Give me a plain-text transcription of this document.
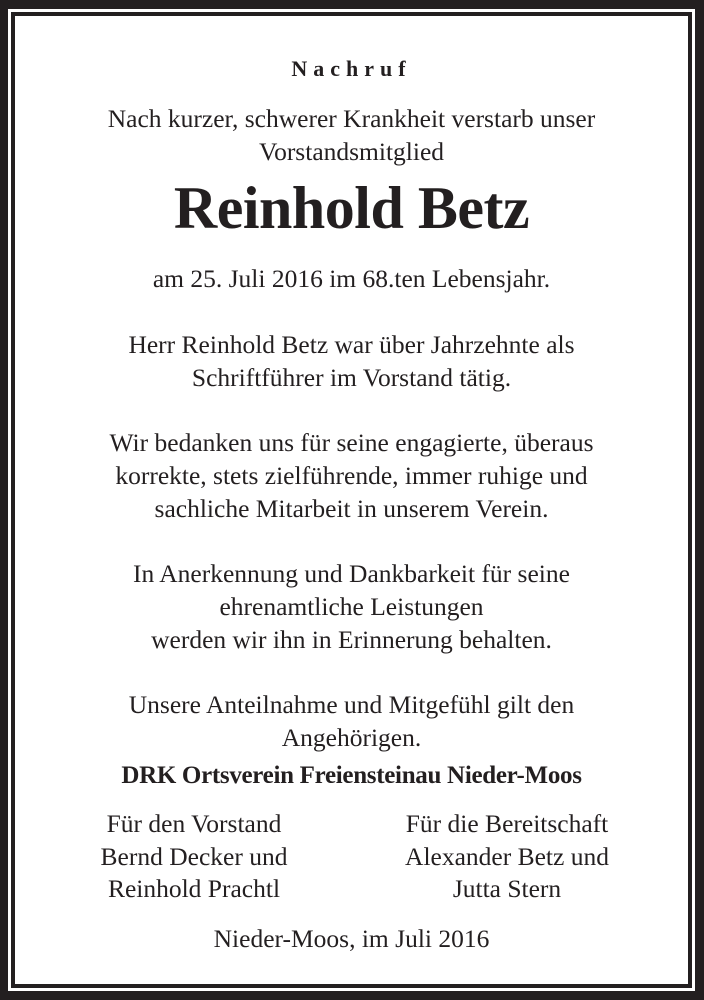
Nachruf
Nach kurzer, schwerer Krankheit verstarb unser
Vorstandsmitglied
Reinhold Betz
am 25. Juli 2016 im 68.ten Lebensjahr.
Herr Reinhold Betz war über Jahrzehnte als
Schriftführer im Vorstand tätig.
Wir bedanken uns für seine engagierte, überaus
korrekte, stets zielführende, immer ruhige und
sachliche Mitarbeit in unserem Verein.
In Anerkennung und Dankbarkeit für seine
ehrenamtliche Leistungen
werden wir ihn in Erinnerung behalten.
Unsere Anteilnahme und Mitgefühl gilt den
Angehörigen.
DRK Ortsverein Freiensteinau Nieder-Moos
Für den Vorstand
Bernd Decker und
Reinhold Prachtl
Für die Bereitschaft
Alexander Betz und
Jutta Stern
Nieder-Moos, im Juli 2016
